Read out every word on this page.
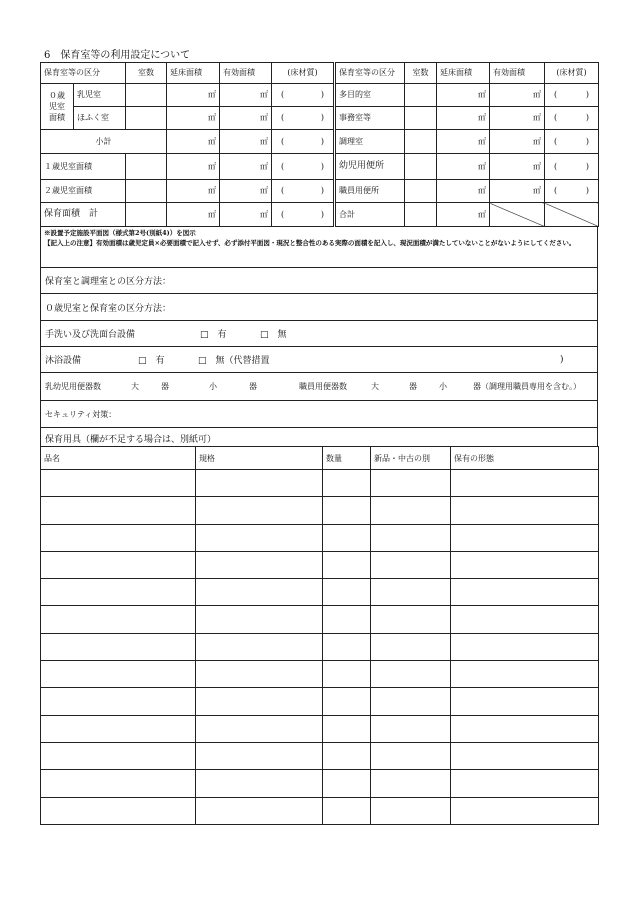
6　保育室等の利用設定について
保育室等の区分		室数	延床面積	有効面積	(床材質)	保育室等の区分	室数	延床面積	有効面積	(床材質)
０歳児室面積	乳児室		㎡	㎡	( )	多目的室		㎡	㎡	( )

	ほふく室		㎡	㎡	( )	事務室等		㎡	㎡	( )

小計			㎡	㎡	( )	調理室		㎡	㎡	( )

１歳児室面積			㎡	㎡	( )	幼児用便所		㎡	㎡	( )

２歳児室面積			㎡	㎡	( )	職員用便所		㎡	㎡	( )

保育面積　計			㎡	㎡	( )	合計		㎡		
※設置予定施設平面図（様式第2号(別紙4)）を図示
【記入上の注意】有効面積は歳児定員×必要面積で記入せず、必ず添付平面図・現況と整合性のある実際の面積を記入し、現況面積が満たしていないことがないようにしてください。
保育室と調理室との区分方法：
０歳児室と保育室の区分方法：
手洗い及び洗面台設備	□　有	□　無
沐浴設備	□　有	□　無（代替措置	)
乳幼児用便器数	大	器	小	器	職員用便器数	大	器	小	器（調理用職員専用を含む。）
セキュリティ対策：
保育用具（欄が不足する場合は、別紙可）
品名	規格	数量	新品・中古の別	保有の形態
